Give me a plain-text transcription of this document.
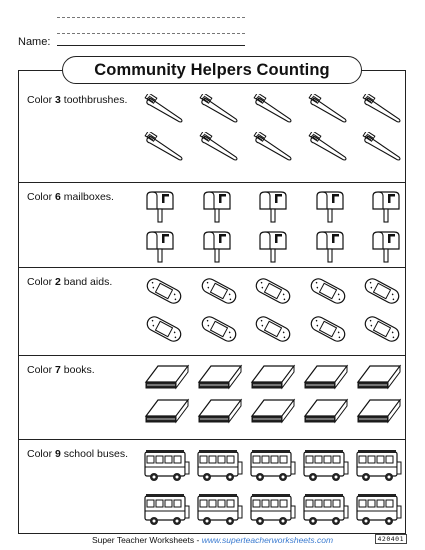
Name:
Community Helpers Counting
Color 3 toothbrushes.
Color 6 mailboxes.
Color 2 band aids.
Color 7 books.
Color 9 school buses.
Super Teacher Worksheets - www.superteacherworksheets.com	420401
